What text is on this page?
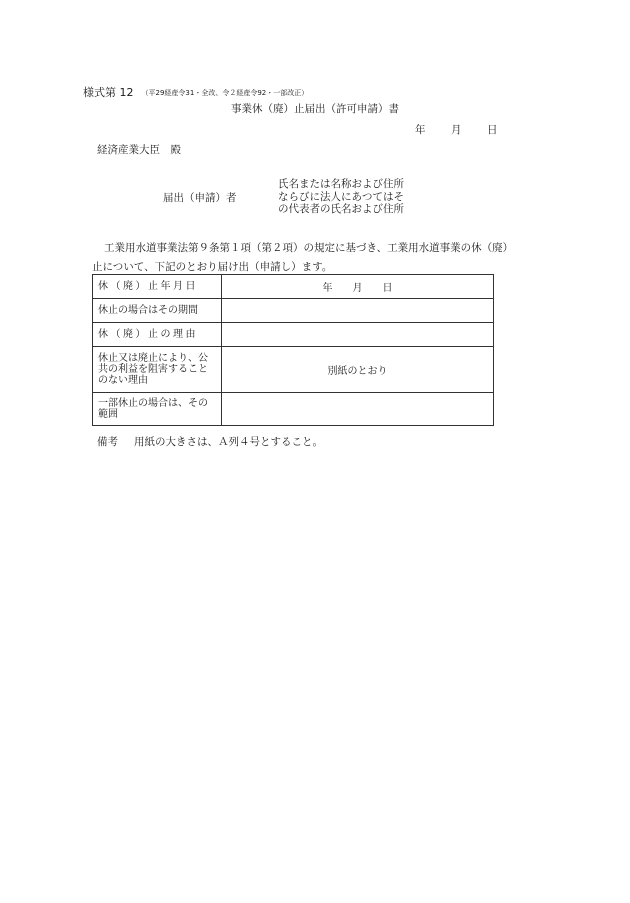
様式第 12 （平29経産令31・全改、令２経産令92・一部改正）
事業休（廃）止届出（許可申請）書
年 月 日
経済産業大臣　殿
届出（申請）者
氏名または名称および住所
ならびに法人にあつてはそ
の代表者の氏名および住所
工業用水道事業法第９条第１項（第２項）の規定に基づき、工業用水道事業の休（廃）止について、下記のとおり届け出（申請し）ます。
休（廃）止年月日	年　　月　　日
休止の場合はその期間	
休（廃）止の理由	
休止又は廃止により、公共の利益を阻害することのない理由	別紙のとおり
一部休止の場合は、その範囲	
備考 用紙の大きさは、Ａ列４号とすること。
